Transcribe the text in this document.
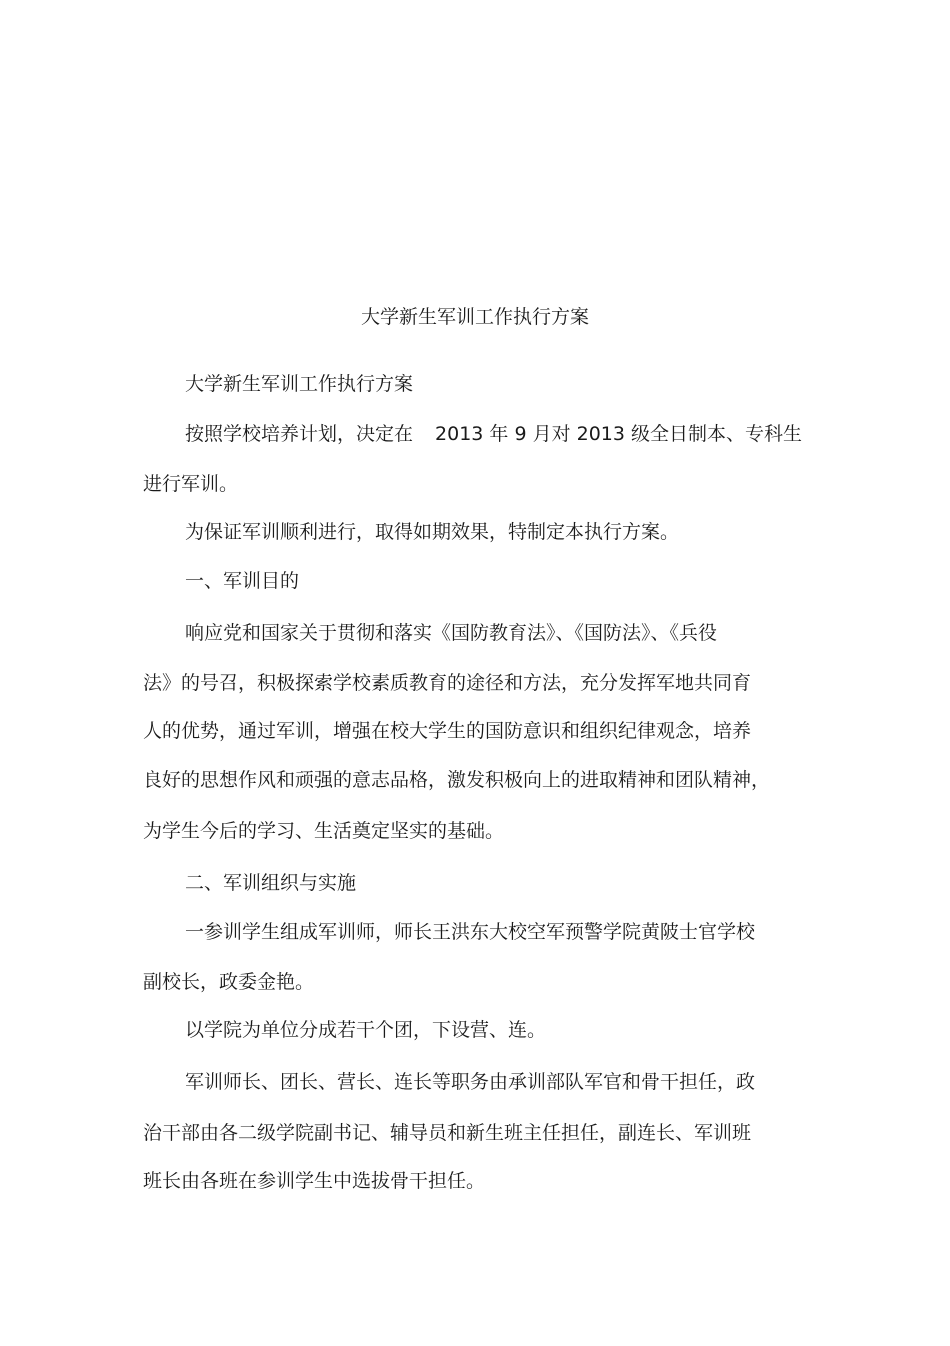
大学新生军训工作执行方案
大学新生军训工作执行方案
按照学校培养计划，决定在 2013 年 9 月对 2013 级全日制本、专科生
进行军训。
为保证军训顺利进行，取得如期效果，特制定本执行方案。
一、军训目的
响应党和国家关于贯彻和落实《国防教育法》、《国防法》、《兵役
法》的号召，积极探索学校素质教育的途径和方法，充分发挥军地共同育
人的优势，通过军训，增强在校大学生的国防意识和组织纪律观念，培养
良好的思想作风和顽强的意志品格，激发积极向上的进取精神和团队精神，
为学生今后的学习、生活奠定坚实的基础。
二、军训组织与实施
一参训学生组成军训师，师长王洪东大校空军预警学院黄陂士官学校
副校长，政委金艳。
以学院为单位分成若干个团，下设营、连。
军训师长、团长、营长、连长等职务由承训部队军官和骨干担任，政
治干部由各二级学院副书记、辅导员和新生班主任担任，副连长、军训班
班长由各班在参训学生中选拔骨干担任。
